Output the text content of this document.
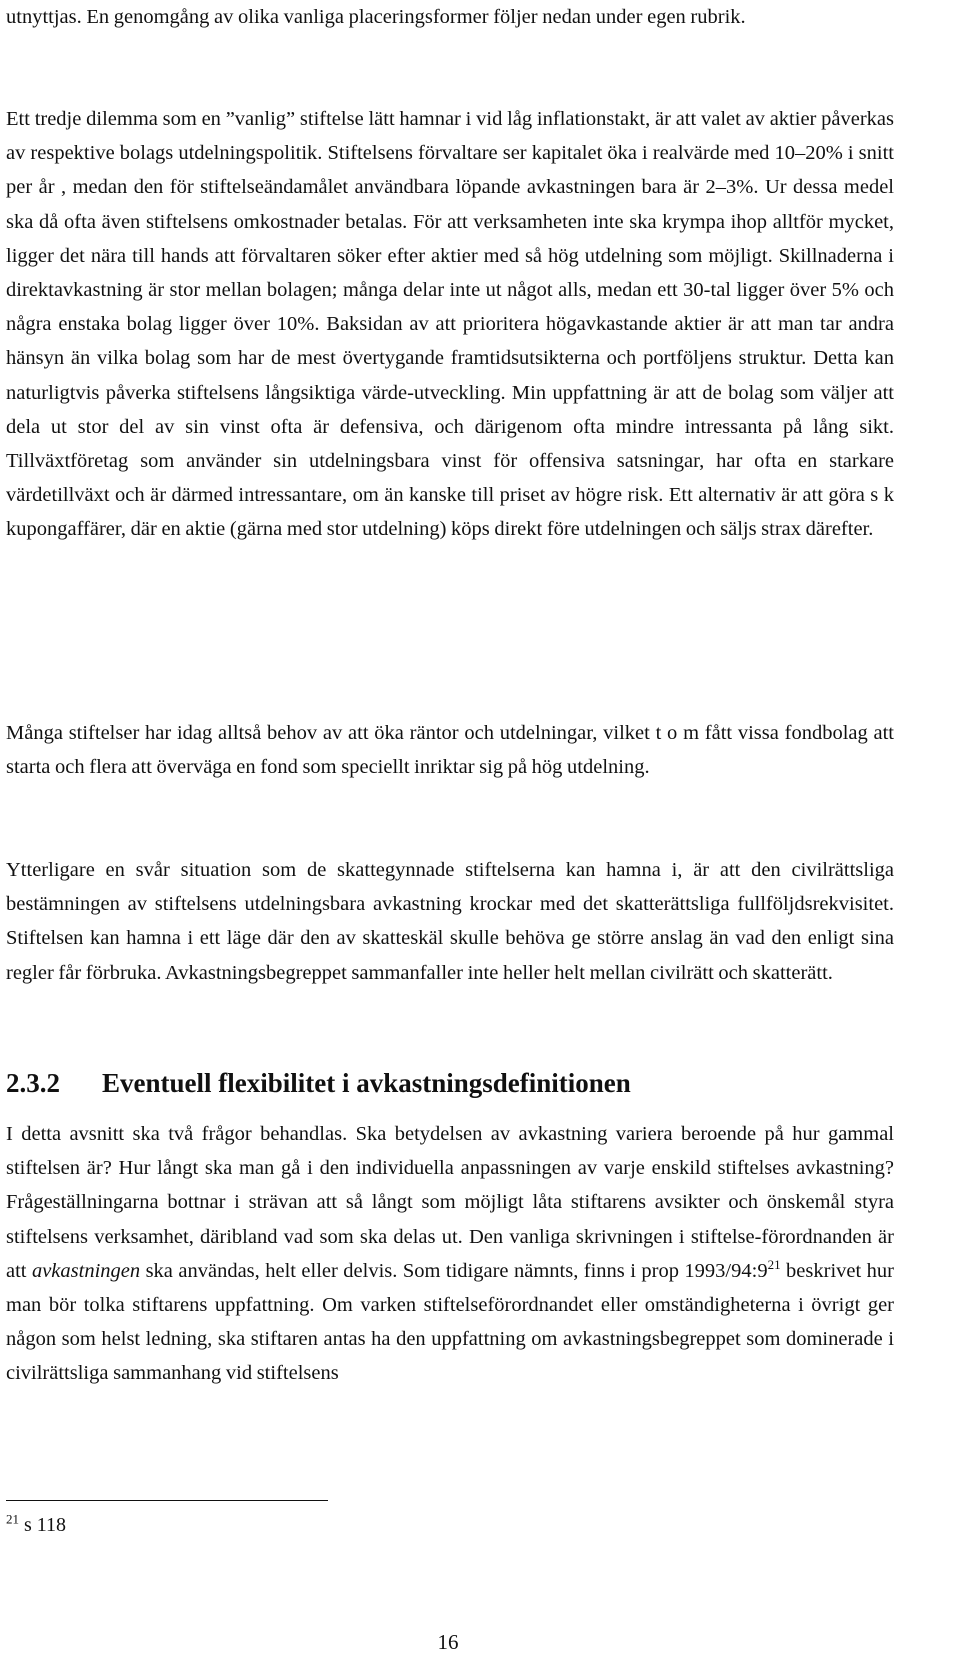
utnyttjas. En genomgång av olika vanliga placeringsformer följer nedan under egen rubrik.

Ett tredje dilemma som en ”vanlig” stiftelse lätt hamnar i vid låg inflationstakt, är att valet av aktier påverkas av respektive bolags utdelningspolitik. Stiftelsens förvaltare ser kapitalet öka i realvärde med 10–20% i snitt per år , medan den för stiftelseändamålet användbara löpande avkastningen bara är 2–3%. Ur dessa medel ska då ofta även stiftelsens omkostnader betalas. För att verksamheten inte ska krympa ihop alltför mycket, ligger det nära till hands att förvaltaren söker efter aktier med så hög utdelning som möjligt. Skillnaderna i direktavkastning är stor mellan bolagen; många delar inte ut något alls, medan ett 30-tal ligger över 5% och några enstaka bolag ligger över 10%. Baksidan av att prioritera högavkastande aktier är att man tar andra hänsyn än vilka bolag som har de mest övertygande framtidsutsikterna och portföljens struktur. Detta kan naturligtvis påverka stiftelsens långsiktiga värde-utveckling. Min uppfattning är att de bolag som väljer att dela ut stor del av sin vinst ofta är defensiva, och därigenom ofta mindre intressanta på lång sikt. Tillväxtföretag som använder sin utdelningsbara vinst för offensiva satsningar, har ofta en starkare värdetillväxt och är därmed intressantare, om än kanske till priset av högre risk. Ett alternativ är att göra s k kupongaffärer, där en aktie (gärna med stor utdelning) köps direkt före utdelningen och säljs strax därefter.

Många stiftelser har idag alltså behov av att öka räntor och utdelningar, vilket t o m fått vissa fondbolag att starta och flera att överväga en fond som speciellt inriktar sig på hög utdelning.

Ytterligare en svår situation som de skattegynnade stiftelserna kan hamna i, är att den civilrättsliga bestämningen av stiftelsens utdelningsbara avkastning krockar med det skatterättsliga fullföljdsrekvisitet. Stiftelsen kan hamna i ett läge där den av skatteskäl skulle behöva ge större anslag än vad den enligt sina regler får förbruka. Avkastningsbegreppet sammanfaller inte heller helt mellan civilrätt och skatterätt.

2.3.2 Eventuell flexibilitet i avkastningsdefinitionen

I detta avsnitt ska två frågor behandlas. Ska betydelsen av avkastning variera beroende på hur gammal stiftelsen är? Hur långt ska man gå i den individuella anpassningen av varje enskild stiftelses avkastning? Frågeställningarna bottnar i strävan att så långt som möjligt låta stiftarens avsikter och önskemål styra stiftelsens verksamhet, däribland vad som ska delas ut. Den vanliga skrivningen i stiftelse-förordnanden är att avkastningen ska användas, helt eller delvis. Som tidigare nämnts, finns i prop $1993/94:9^{21}$ beskrivet hur man bör tolka stiftarens uppfattning. Om varken stiftelseförordnandet eller omständigheterna i övrigt ger någon som helst ledning, ska stiftaren antas ha den uppfattning om avkastningsbegreppet som dominerade i civilrättsliga sammanhang vid stiftelsens

$^{21}$ s 118
16
